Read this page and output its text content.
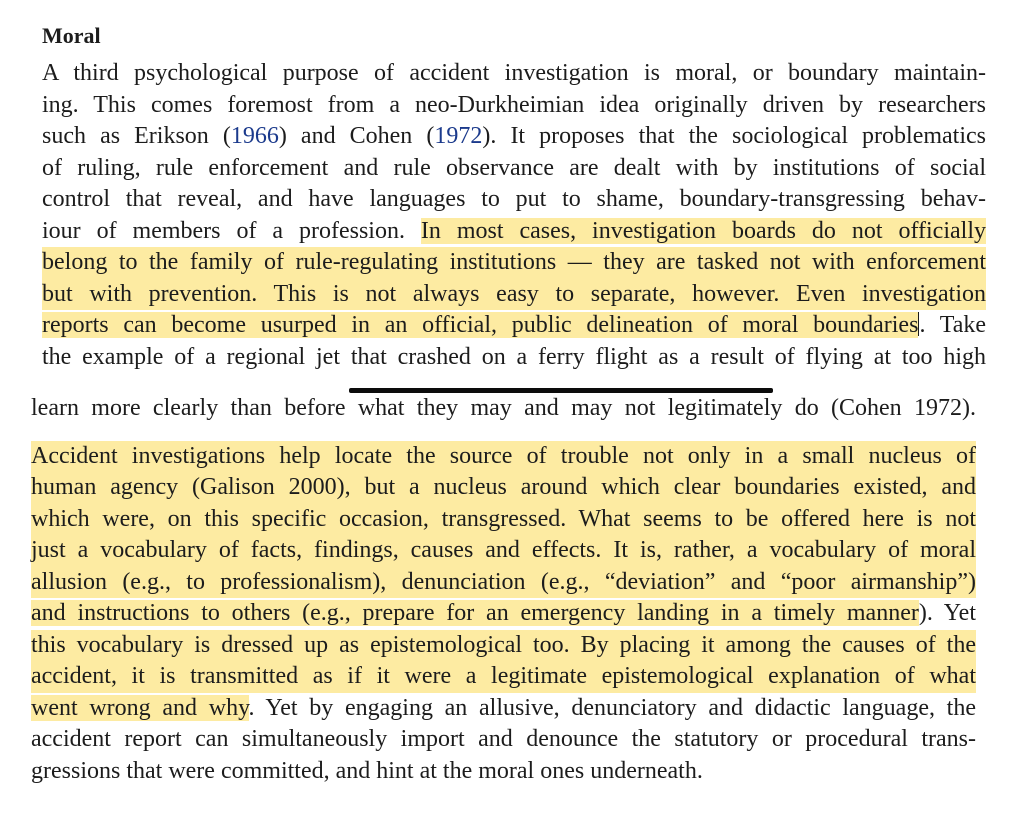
Moral
A third psychological purpose of accident investigation is moral, or boundary maintain-
ing. This comes foremost from a neo-Durkheimian idea originally driven by researchers
such as Erikson (1966) and Cohen (1972). It proposes that the sociological problematics
of ruling, rule enforcement and rule observance are dealt with by institutions of social
control that reveal, and have languages to put to shame, boundary-transgressing behav-
iour of members of a profession. In most cases, investigation boards do not officially
belong to the family of rule-regulating institutions — they are tasked not with enforcement
but with prevention. This is not always easy to separate, however. Even investigation
reports can become usurped in an official, public delineation of moral boundaries. Take
the example of a regional jet that crashed on a ferry flight as a result of flying at too high
learn more clearly than before what they may and may not legitimately do (Cohen 1972).
Accident investigations help locate the source of trouble not only in a small nucleus of
human agency (Galison 2000), but a nucleus around which clear boundaries existed, and
which were, on this specific occasion, transgressed. What seems to be offered here is not
just a vocabulary of facts, findings, causes and effects. It is, rather, a vocabulary of moral
allusion (e.g., to professionalism), denunciation (e.g., “deviation” and “poor airmanship”)
and instructions to others (e.g., prepare for an emergency landing in a timely manner). Yet
this vocabulary is dressed up as epistemological too. By placing it among the causes of the
accident, it is transmitted as if it were a legitimate epistemological explanation of what
went wrong and why. Yet by engaging an allusive, denunciatory and didactic language, the
accident report can simultaneously import and denounce the statutory or procedural trans-
gressions that were committed, and hint at the moral ones underneath.
